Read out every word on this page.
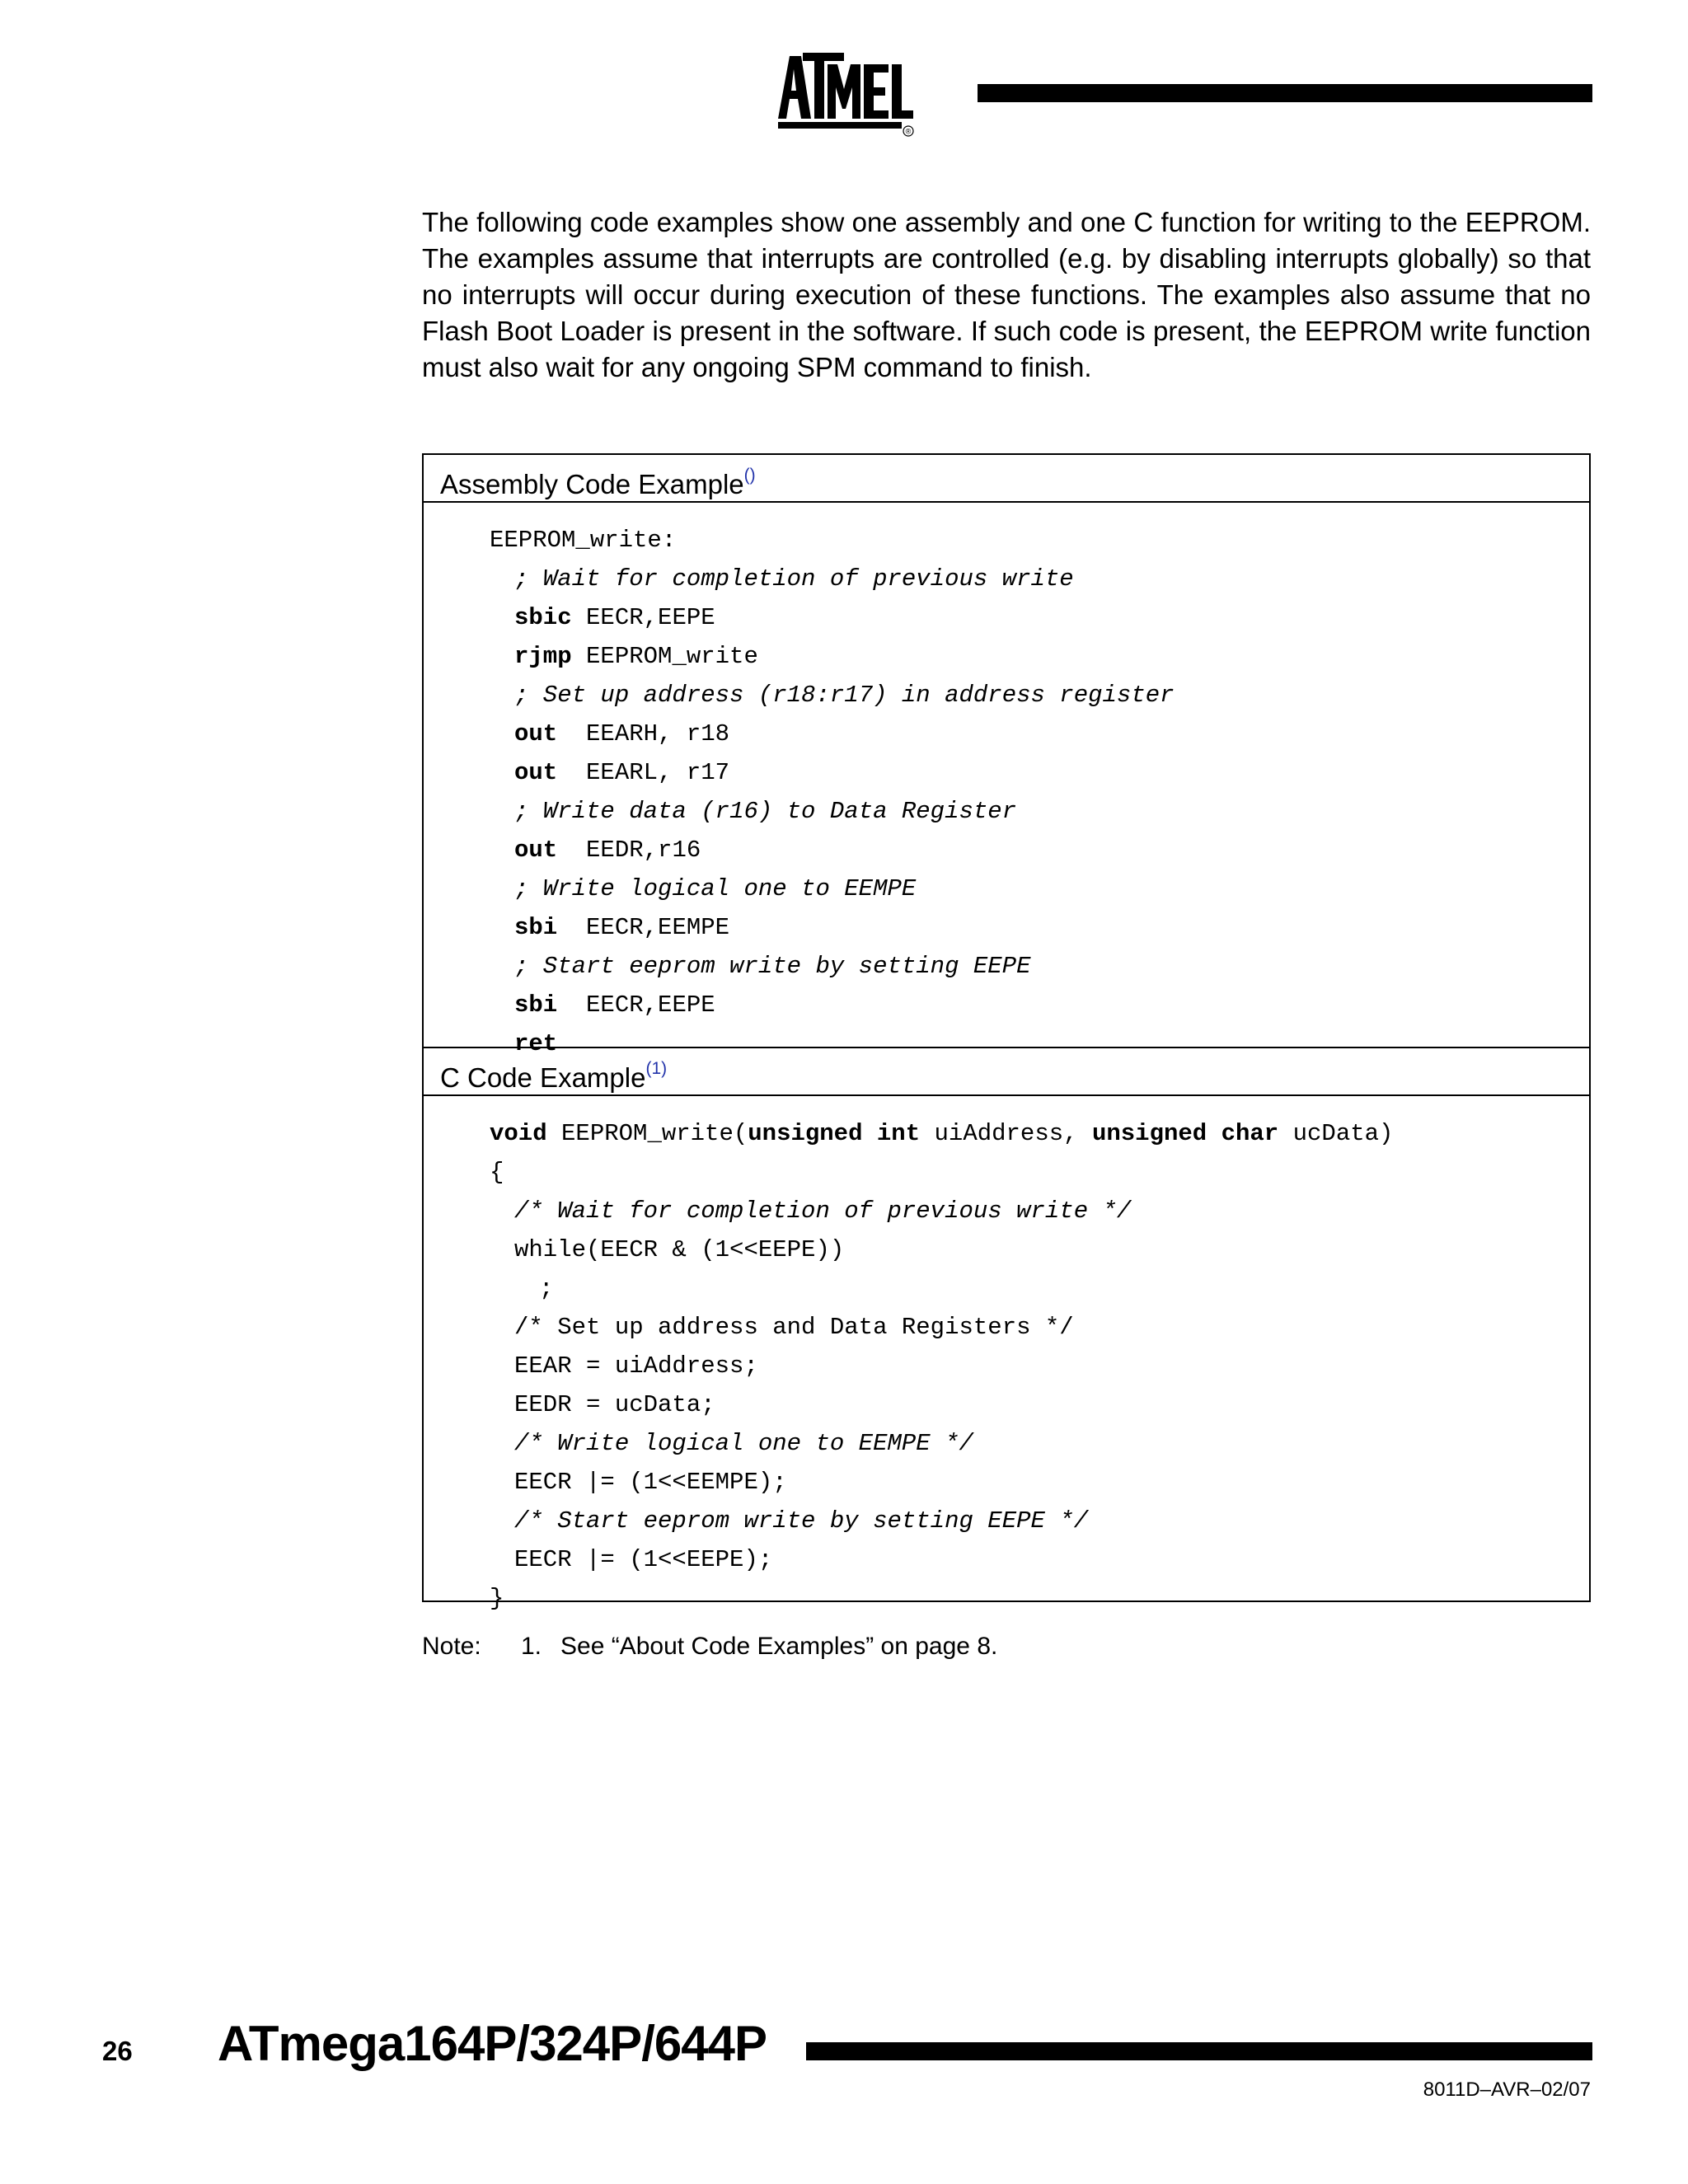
®

The following code examples show one assembly and one C function for writing to the EEPROM. The examples assume that interrupts are controlled (e.g. by disabling interrupts globally) so that no interrupts will occur during execution of these functions. The examples also assume that no Flash Boot Loader is present in the software. If such code is present, the EEPROM write function must also wait for any ongoing SPM command to finish.

Assembly Code Example()
EEPROM_write:
; Wait for completion of previous write
sbic EECR,EEPE
rjmp EEPROM_write
; Set up address (r18:r17) in address register
out  EEARH, r18
out  EEARL, r17
; Write data (r16) to Data Register
out  EEDR,r16
; Write logical one to EEMPE
sbi  EECR,EEMPE
; Start eeprom write by setting EEPE
sbi  EECR,EEPE
ret
C Code Example$^{(1)}$
void EEPROM_write(unsigned int uiAddress, unsigned char ucData)
{
/* Wait for completion of previous write */
while(EECR & (1<<EEPE))
;
/* Set up address and Data Registers */
EEAR = uiAddress;
EEDR = ucData;
/* Write logical one to EEMPE */
EECR |= (1<<EEMPE);
/* Start eeprom write by setting EEPE */
EECR |= (1<<EEPE);
}
Note: 1. See “About Code Examples” on page 8.
26 ATmega164P/324P/644P
8011D–AVR–02/07
